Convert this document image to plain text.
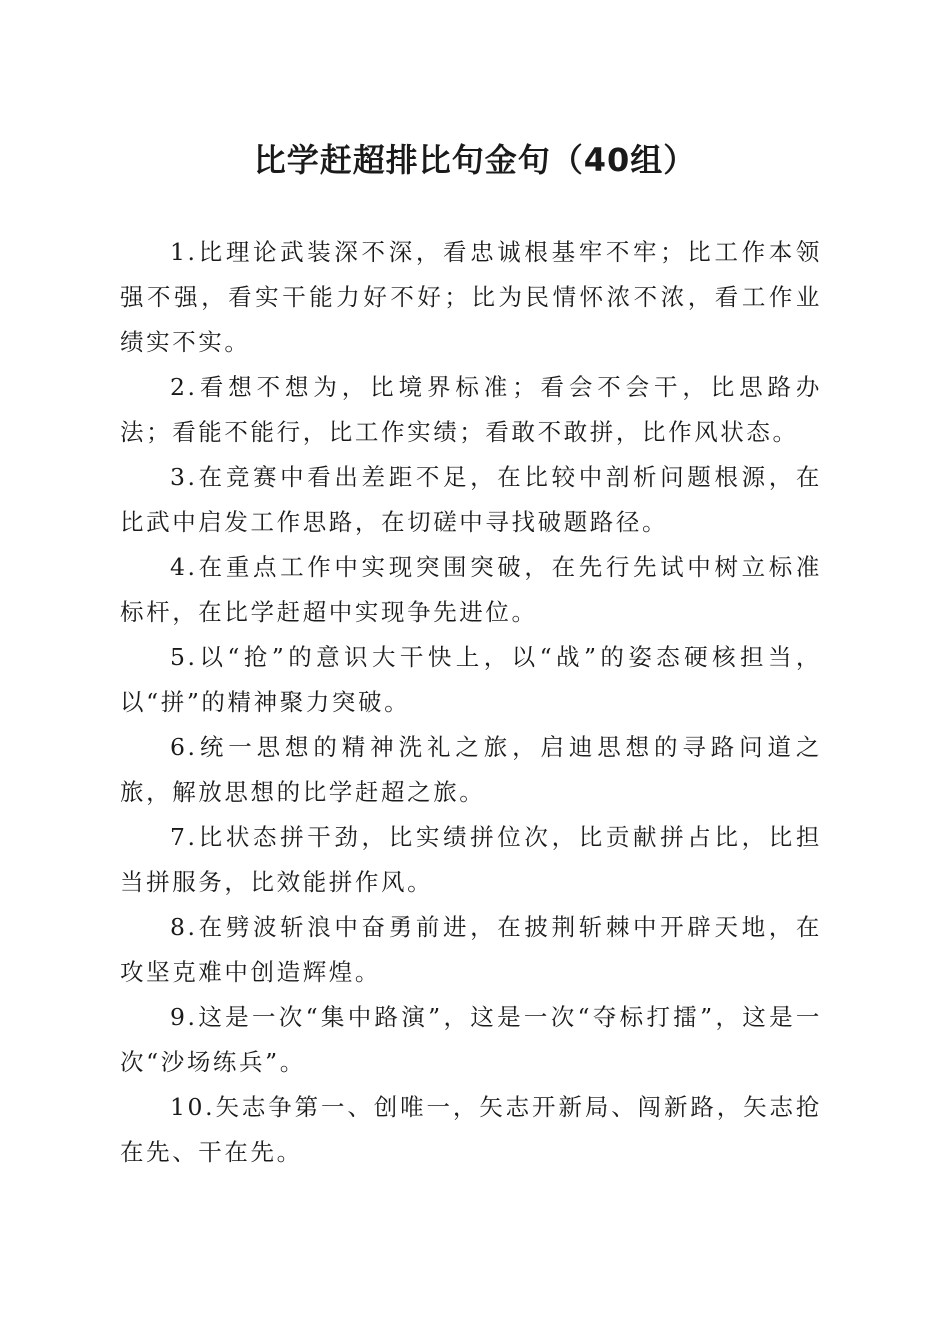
比学赶超排比句金句（40组）

1.比理论武装深不深，看忠诚根基牢不牢；比工作本领强不强，看实干能力好不好；比为民情怀浓不浓，看工作业绩实不实。

2.看想不想为，比境界标准；看会不会干，比思路办法；看能不能行，比工作实绩；看敢不敢拼，比作风状态。

3.在竞赛中看出差距不足，在比较中剖析问题根源，在比武中启发工作思路，在切磋中寻找破题路径。

4.在重点工作中实现突围突破，在先行先试中树立标准标杆，在比学赶超中实现争先进位。

5.以“抢”的意识大干快上，以“战”的姿态硬核担当，以“拼”的精神聚力突破。

6.统一思想的精神洗礼之旅，启迪思想的寻路问道之旅，解放思想的比学赶超之旅。

7.比状态拼干劲，比实绩拼位次，比贡献拼占比，比担当拼服务，比效能拼作风。

8.在劈波斩浪中奋勇前进，在披荆斩棘中开辟天地，在攻坚克难中创造辉煌。

9.这是一次“集中路演”，这是一次“夺标打擂”，这是一次“沙场练兵”。

10.矢志争第一、创唯一，矢志开新局、闯新路，矢志抢在先、干在先。
